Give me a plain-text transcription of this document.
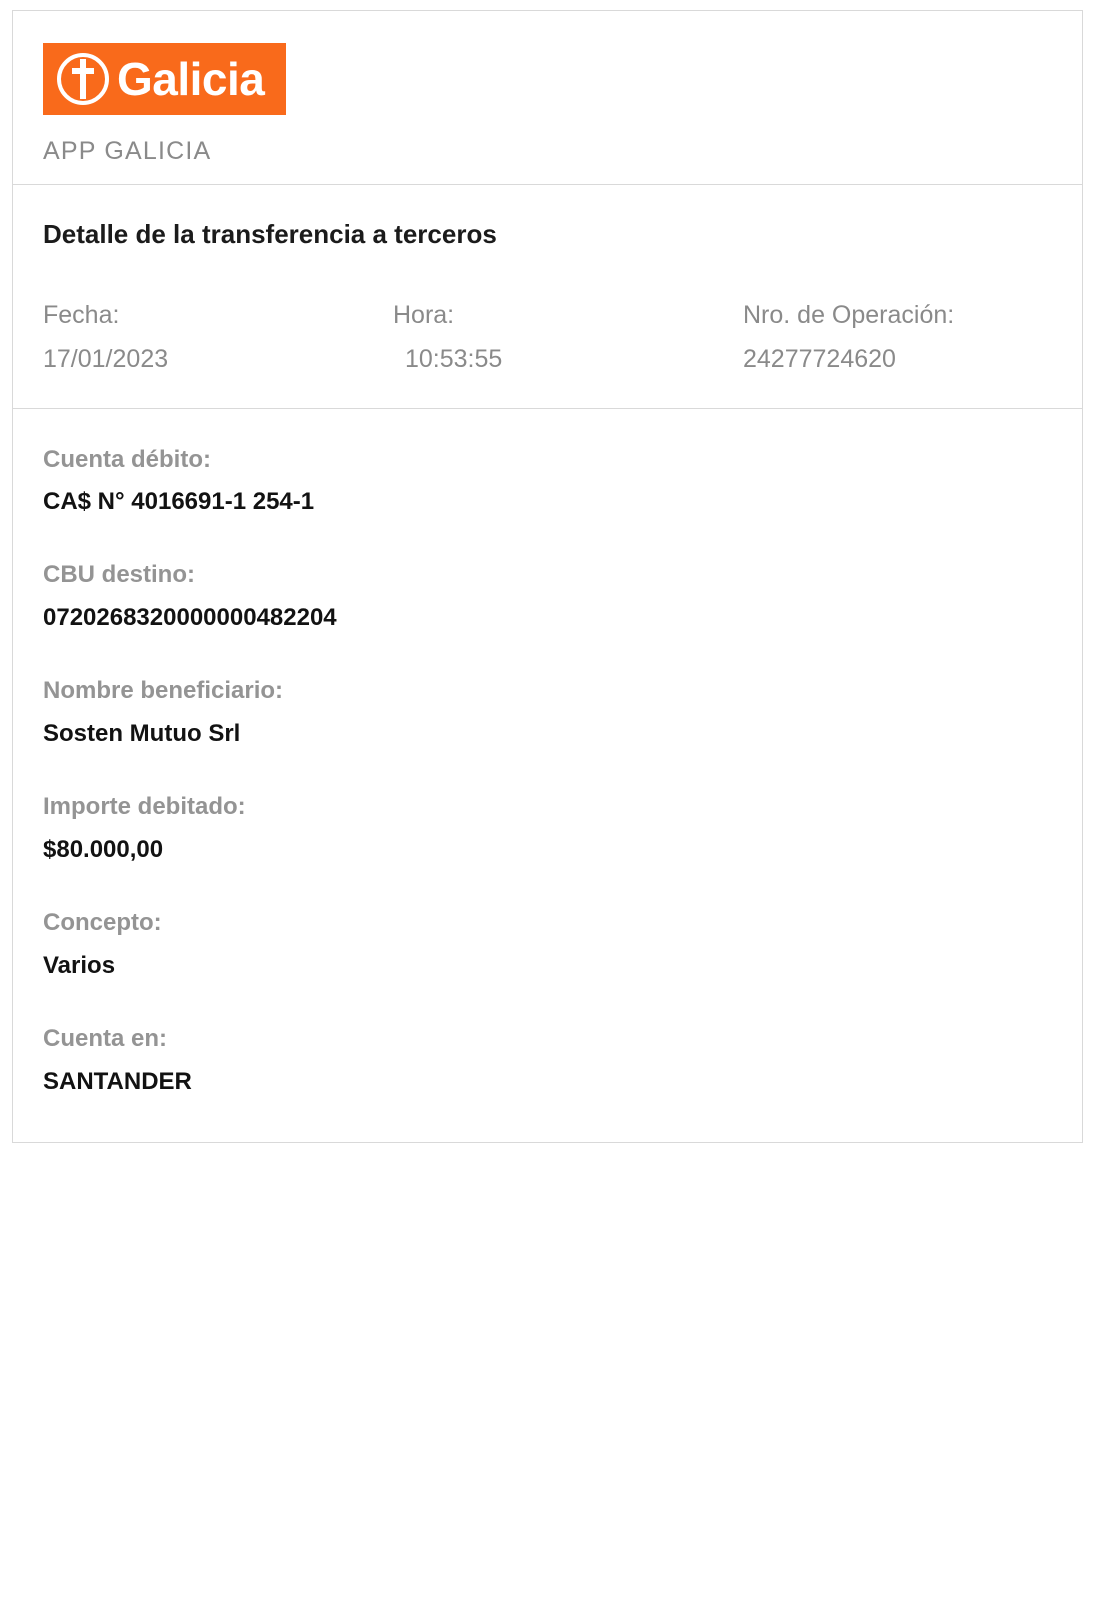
Galicia
APP GALICIA
Detalle de la transferencia a terceros
Fecha:
17/01/2023
Hora:
10:53:55
Nro. de Operación:
24277724620
Cuenta débito:
CA$ N° 4016691-1 254-1
CBU destino:
0720268320000000482204
Nombre beneficiario:
Sosten Mutuo Srl
Importe debitado:
$80.000,00
Concepto:
Varios
Cuenta en:
SANTANDER
